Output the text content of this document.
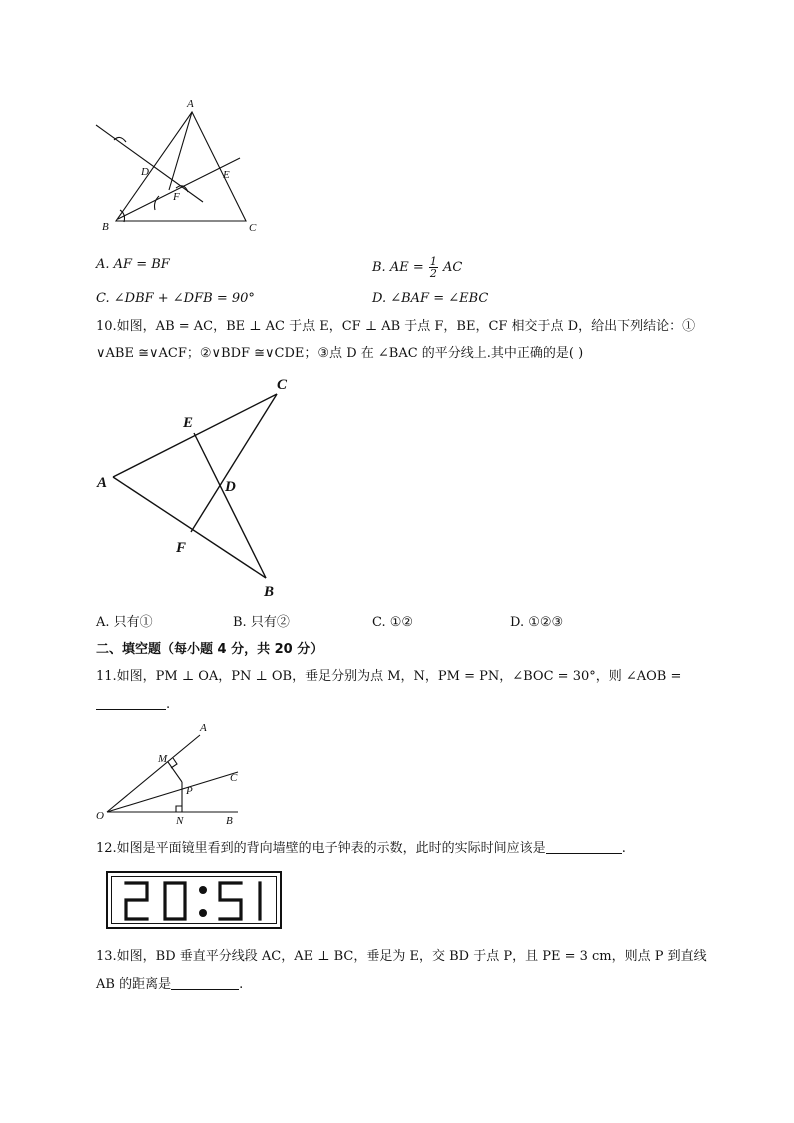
A
B	C
D	E
F
A. AF = BF	B. AE = $\frac{1}{2}$ AC
C. ∠DBF + ∠DFB = 90°	D. ∠BAF = ∠EBC
10.如图，AB = AC，BE ⊥ AC 于点 E，CF ⊥ AB 于点 F，BE，CF 相交于点 D，给出下列结论：①
∨ABE ≅∨ACF；②∨BDF ≅∨CDE；③点 D 在 ∠BAC 的平分线上.其中正确的是( )
A
B
C
D
E
F
A. 只有①	B. 只有②	C. ①②	D. ①②③
二、填空题（每小题 4 分，共 20 分）
11.如图，PM ⊥ OA，PN ⊥ OB，垂足分别为点 M，N，PM = PN，∠BOC = 30°，则 ∠AOB =
.
A
B
C
M
N
O
P
12.如图是平面镜里看到的背向墙壁的电子钟表的示数，此时的实际时间应该是	.
13.如图，BD 垂直平分线段 AC，AE ⊥ BC，垂足为 E，交 BD 于点 P，且 PE = 3 cm，则点 P 到直线
AB 的距离是	.
